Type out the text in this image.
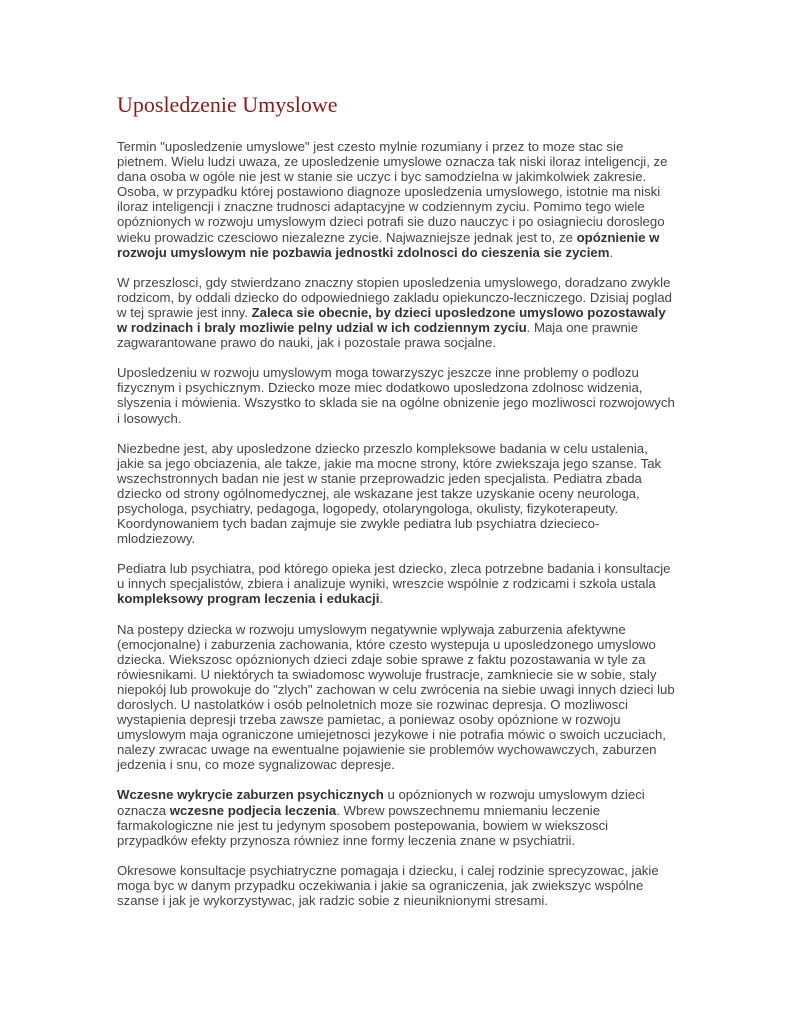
Uposledzenie Umyslowe

Termin "uposledzenie umyslowe" jest czesto mylnie rozumiany i przez to moze stac sie pietnem. Wielu ludzi uwaza, ze uposledzenie umyslowe oznacza tak niski iloraz inteligencji, ze dana osoba w ogóle nie jest w stanie sie uczyc i byc samodzielna w jakimkolwiek zakresie. Osoba, w przypadku której postawiono diagnoze uposledzenia umyslowego, istotnie ma niski iloraz inteligencji i znaczne trudnosci adaptacyjne w codziennym zyciu. Pomimo tego wiele opóznionych w rozwoju umyslowym dzieci potrafi sie duzo nauczyc i po osiagnieciu doroslego wieku prowadzic czesciowo niezalezne zycie. Najwazniejsze jednak jest to, ze opóznienie w rozwoju umyslowym nie pozbawia jednostki zdolnosci do cieszenia sie zyciem.

W przeszlosci, gdy stwierdzano znaczny stopien uposledzenia umyslowego, doradzano zwykle rodzicom, by oddali dziecko do odpowiedniego zakladu opiekunczo-leczniczego. Dzisiaj poglad w tej sprawie jest inny. Zaleca sie obecnie, by dzieci uposledzone umyslowo pozostawaly w rodzinach i braly mozliwie pelny udzial w ich codziennym zyciu. Maja one prawnie zagwarantowane prawo do nauki, jak i pozostale prawa socjalne.

Uposledzeniu w rozwoju umyslowym moga towarzyszyc jeszcze inne problemy o podlozu fizycznym i psychicznym. Dziecko moze miec dodatkowo uposledzona zdolnosc widzenia, slyszenia i mówienia. Wszystko to sklada sie na ogólne obnizenie jego mozliwosci rozwojowych i losowych.

Niezbedne jest, aby uposledzone dziecko przeszlo kompleksowe badania w celu ustalenia, jakie sa jego obciazenia, ale takze, jakie ma mocne strony, które zwiekszaja jego szanse. Tak wszechstronnych badan nie jest w stanie przeprowadzic jeden specjalista. Pediatra zbada dziecko od strony ogólnomedycznej, ale wskazane jest takze uzyskanie oceny neurologa, psychologa, psychiatry, pedagoga, logopedy, otolaryngologa, okulisty, fizykoterapeuty. Koordynowaniem tych badan zajmuje sie zwykle pediatra lub psychiatra dziecieco-mlodziezowy.

Pediatra lub psychiatra, pod którego opieka jest dziecko, zleca potrzebne badania i konsultacje u innych specjalistów, zbiera i analizuje wyniki, wreszcie wspólnie z rodzicami i szkola ustala kompleksowy program leczenia i edukacji.

Na postepy dziecka w rozwoju umyslowym negatywnie wplywaja zaburzenia afektywne (emocjonalne) i zaburzenia zachowania, które czesto wystepuja u uposledzonego umyslowo dziecka. Wiekszosc opóznionych dzieci zdaje sobie sprawe z faktu pozostawania w tyle za rówiesnikami. U niektórych ta swiadomosc wywoluje frustracje, zamkniecie sie w sobie, staly niepokój lub prowokuje do "zlych" zachowan w celu zwrócenia na siebie uwagi innych dzieci lub doroslych. U nastolatków i osób pelnoletnich moze sie rozwinac depresja. O mozliwosci wystapienia depresji trzeba zawsze pamietac, a poniewaz osoby opóznione w rozwoju umyslowym maja ograniczone umiejetnosci jezykowe i nie potrafia mówic o swoich uczuciach, nalezy zwracac uwage na ewentualne pojawienie sie problemów wychowawczych, zaburzen jedzenia i snu, co moze sygnalizowac depresje.

Wczesne wykrycie zaburzen psychicznych u opóznionych w rozwoju umyslowym dzieci oznacza wczesne podjecia leczenia. Wbrew powszechnemu mniemaniu leczenie farmakologiczne nie jest tu jedynym sposobem postepowania, bowiem w wiekszosci przypadków efekty przynosza równiez inne formy leczenia znane w psychiatrii.

Okresowe konsultacje psychiatryczne pomagaja i dziecku, i calej rodzinie sprecyzowac, jakie moga byc w danym przypadku oczekiwania i jakie sa ograniczenia, jak zwiekszyc wspólne szanse i jak je wykorzystywac, jak radzic sobie z nieuniknionymi stresami.
